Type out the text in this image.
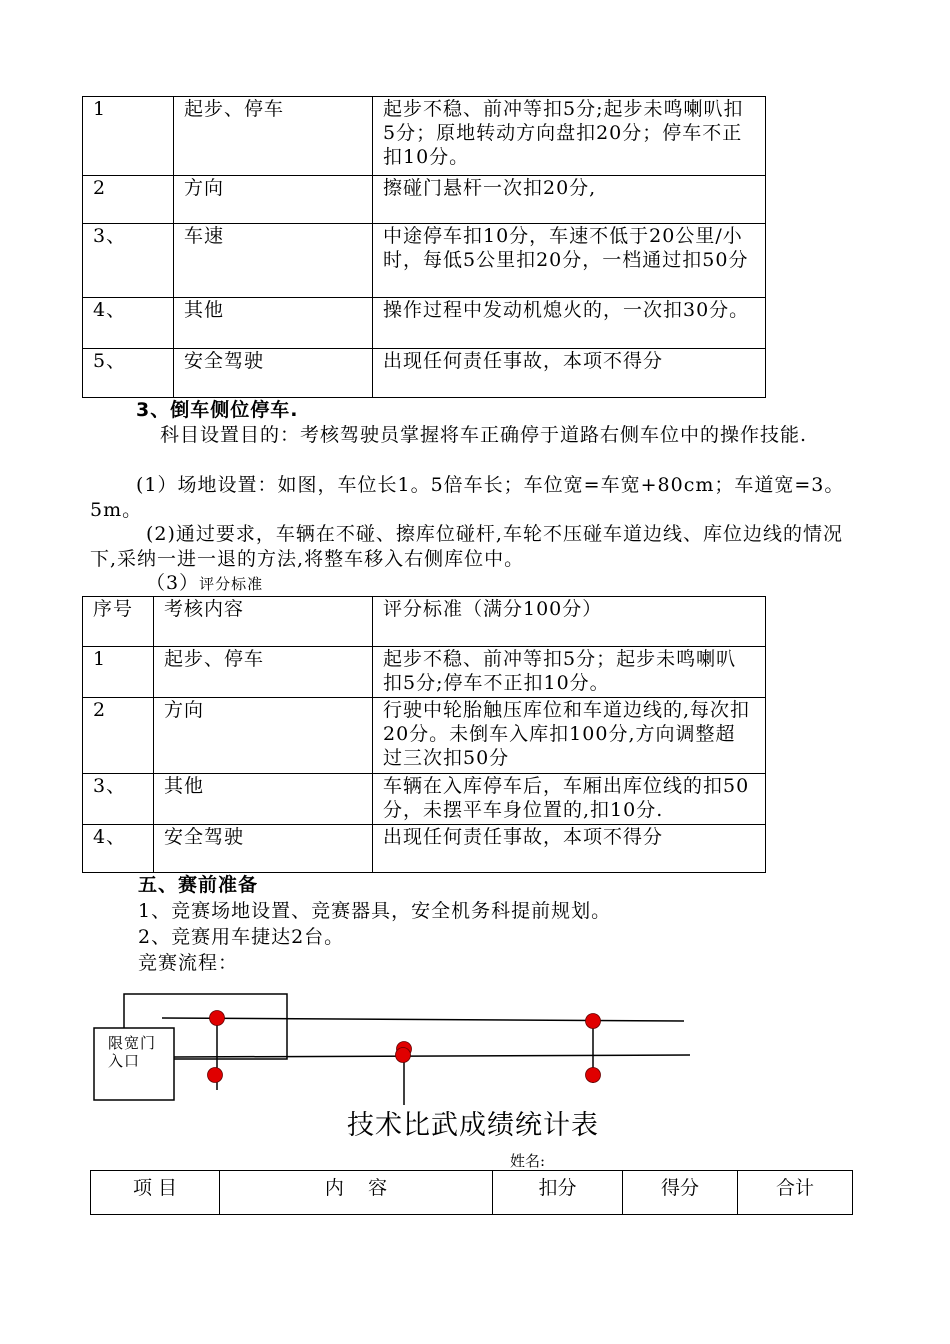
1	起步、停车	起步不稳、前冲等扣5分;起步未鸣喇叭扣5分；原地转动方向盘扣20分；停车不正扣10分。
2	方向	擦碰门悬杆一次扣20分,
3、	车速	中途停车扣10分，车速不低于20公里/小时，每低5公里扣20分，一档通过扣50分
4、	其他	操作过程中发动机熄火的，一次扣30分。
5、	安全驾驶	出现任何责任事故，本项不得分
3、倒车侧位停车.
科目设置目的：考核驾驶员掌握将车正确停于道路右侧车位中的操作技能.
(1）场地设置：如图，车位长1。5倍车长；车位宽=车宽+80cm；车道宽=3。5m。
(2)通过要求，车辆在不碰、擦库位碰杆,车轮不压碰车道边线、库位边线的情况下,采纳一进一退的方法,将整车移入右侧库位中。
（3）评分标准
序号	考核内容	评分标准（满分100分）
1	起步、停车	起步不稳、前冲等扣5分；起步未鸣喇叭扣5分;停车不正扣10分。
2	方向	行驶中轮胎触压库位和车道边线的,每次扣20分。未倒车入库扣100分,方向调整超过三次扣50分
3、	其他	车辆在入库停车后，车厢出库位线的扣50分，未摆平车身位置的,扣10分.
4、	安全驾驶	出现任何责任事故，本项不得分
五、赛前准备
1、竞赛场地设置、竞赛器具，安全机务科提前规划。
2、竞赛用车捷达2台。
竞赛流程：
限宽门
入口
技术比武成绩统计表
姓名:
项 目	内    容	扣分	得分	合计
